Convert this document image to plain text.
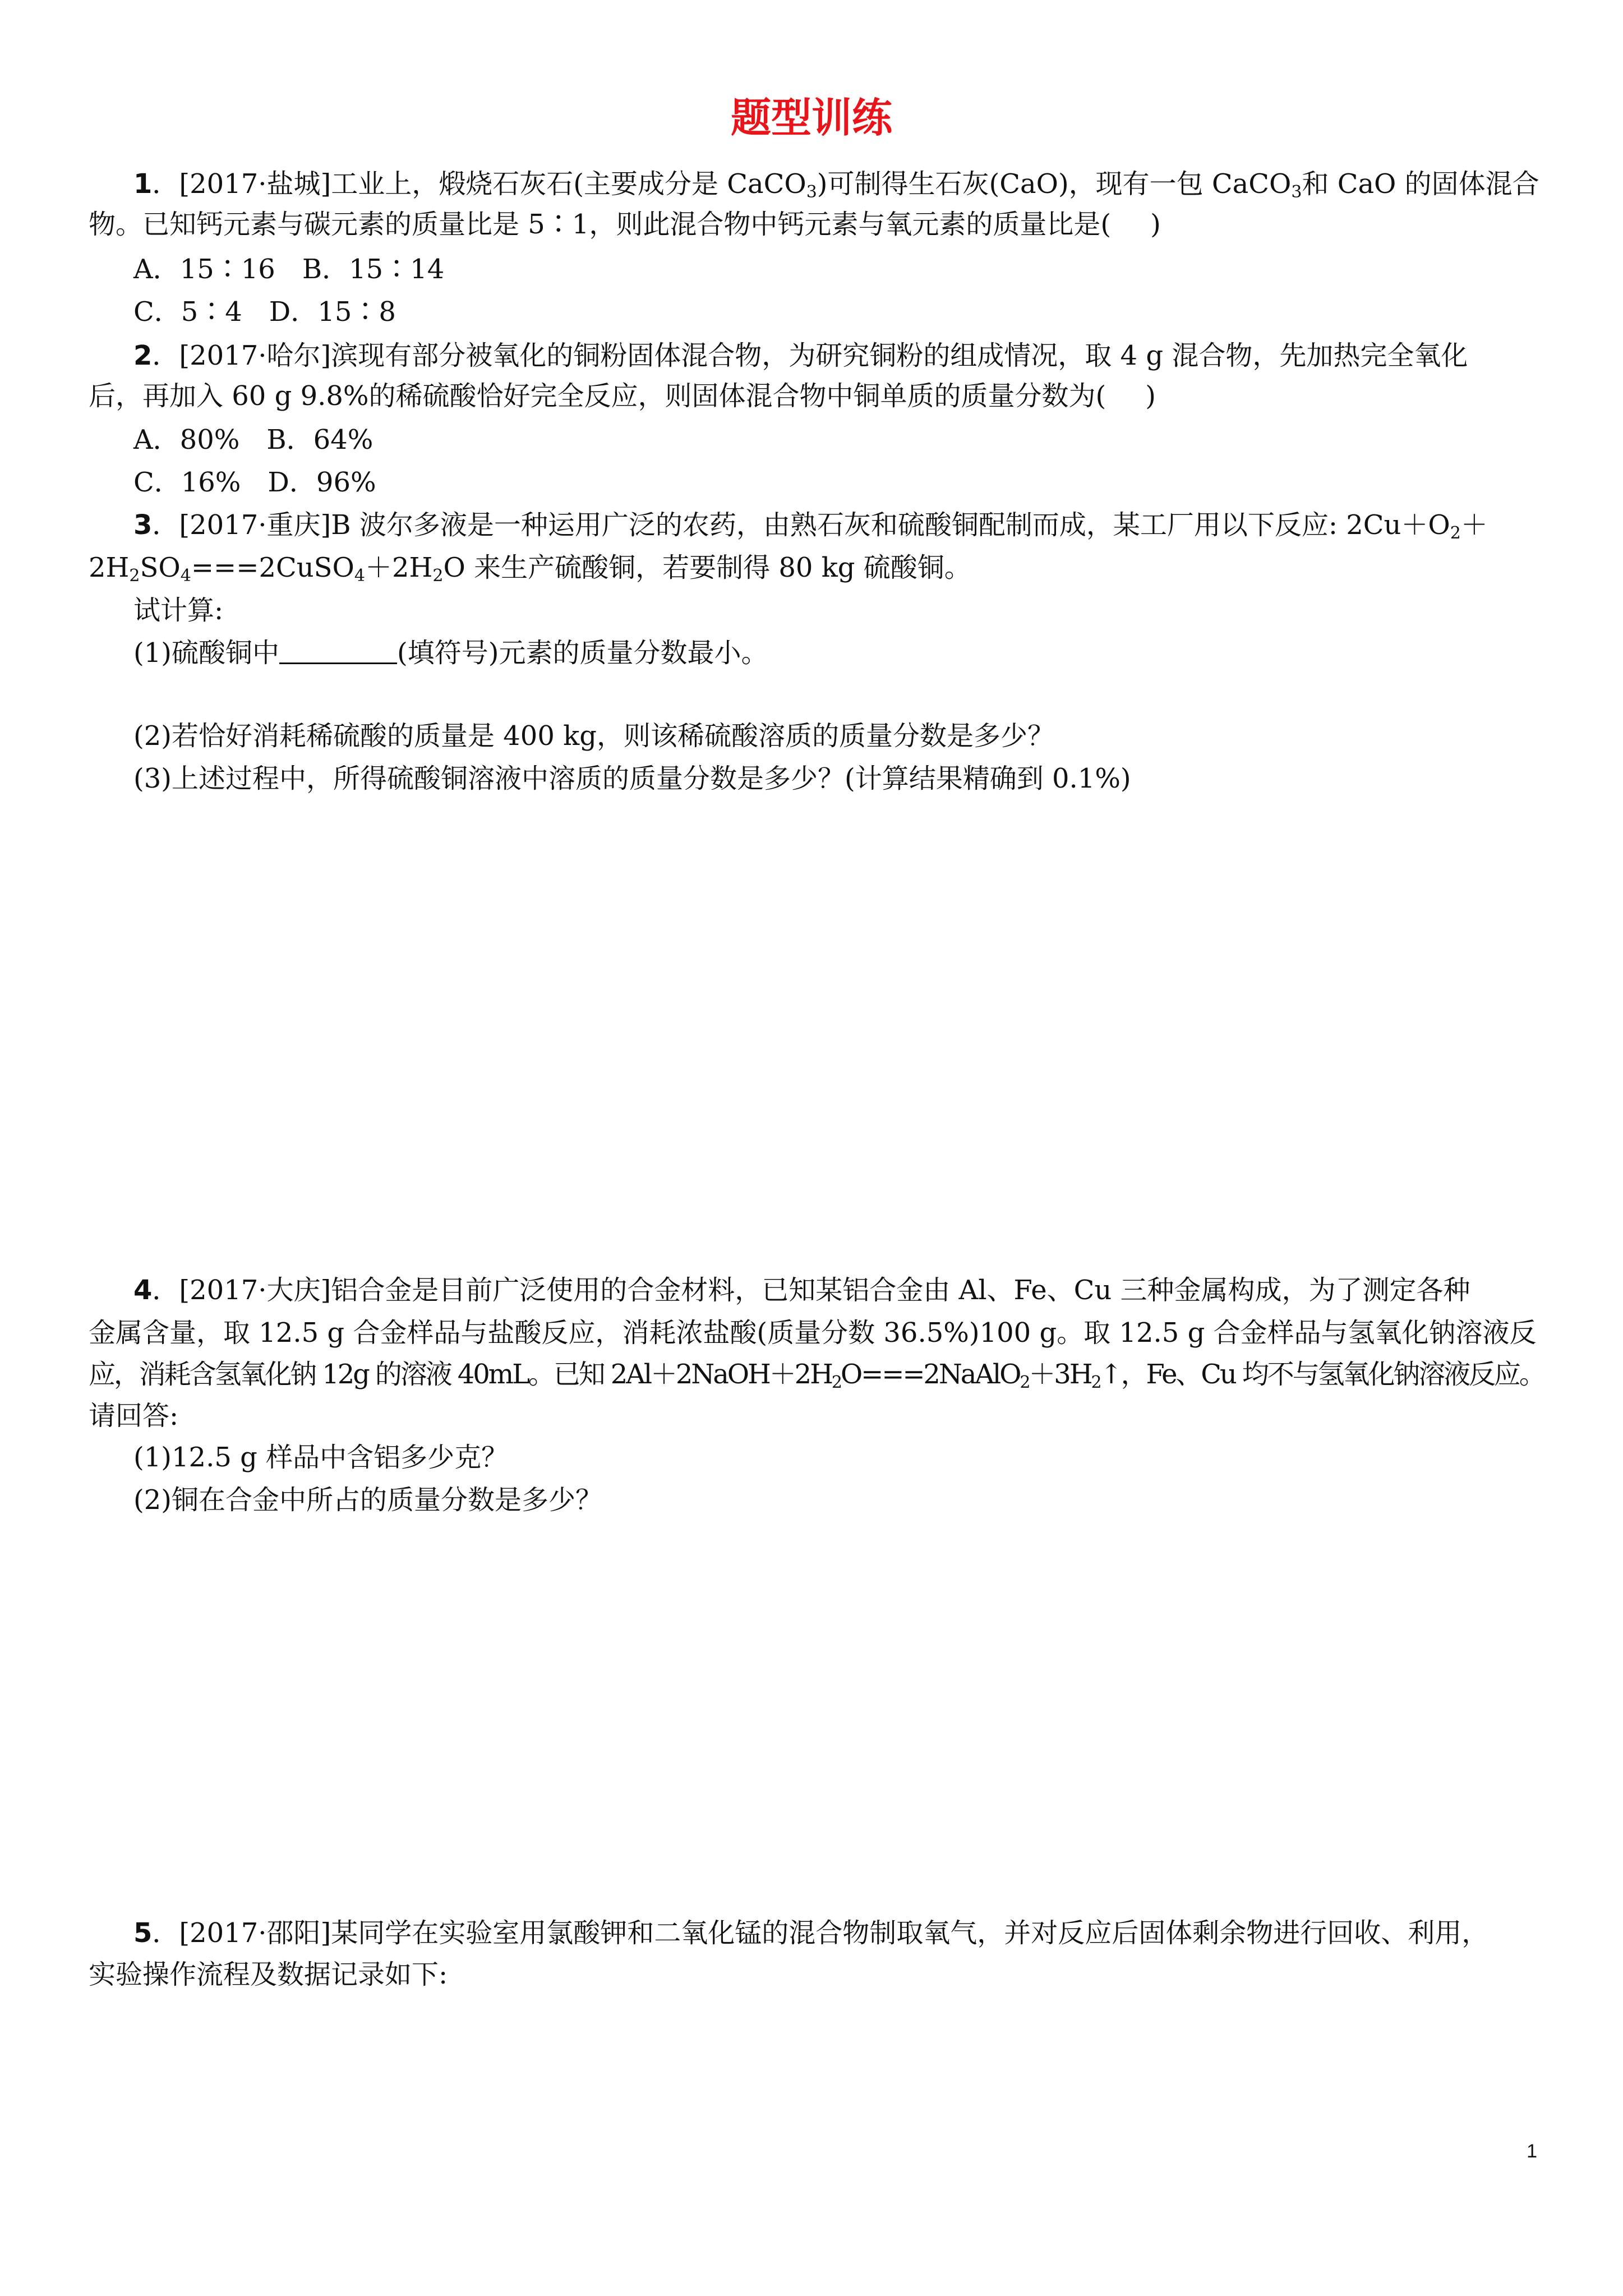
题型训练
1．[2017·盐城]工业上，煅烧石灰石(主要成分是 CaCO$_3$)可制得生石灰(CaO)，现有一包 CaCO$_3$和 CaO 的固体混合
物。已知钙元素与碳元素的质量比是 5∶1，则此混合物中钙元素与氧元素的质量比是( )
A．15∶16　B．15∶14
C．5∶4　D．15∶8
2．[2017·哈尔]滨现有部分被氧化的铜粉固体混合物，为研究铜粉的组成情况，取 4 g 混合物，先加热完全氧化
后，再加入 60 g 9.8%的稀硫酸恰好完全反应，则固体混合物中铜单质的质量分数为( )
A．80%　B．64%
C．16%　D．96%
3．[2017·重庆]B 波尔多液是一种运用广泛的农药，由熟石灰和硫酸铜配制而成，某工厂用以下反应: $2Cu+O_2+$
$2H_2SO_4===2CuSO_4+2H_2O$ 来生产硫酸铜，若要制得 80 kg 硫酸铜。
试计算:
(1)硫酸铜中	(填符号)元素的质量分数最小。
(2)若恰好消耗稀硫酸的质量是 400 kg，则该稀硫酸溶质的质量分数是多少？
(3)上述过程中，所得硫酸铜溶液中溶质的质量分数是多少？(计算结果精确到 0.1%)
4．[2017·大庆]铝合金是目前广泛使用的合金材料，已知某铝合金由 Al、Fe、Cu 三种金属构成，为了测定各种
金属含量，取 12.5 g 合金样品与盐酸反应，消耗浓盐酸(质量分数 36.5%)100 g。取 12.5 g 合金样品与氢氧化钠溶液反
应，消耗含氢氧化钠 12g 的溶液 40mL。已知 $2Al+2NaOH+2H_2O===2NaAlO_2+3H_2↑$，Fe、Cu 均不与氢氧化钠溶液反应。
请回答:
(1)12.5 g 样品中含铝多少克？
(2)铜在合金中所占的质量分数是多少？
5．[2017·邵阳]某同学在实验室用氯酸钾和二氧化锰的混合物制取氧气，并对反应后固体剩余物进行回收、利用，
实验操作流程及数据记录如下:
1
